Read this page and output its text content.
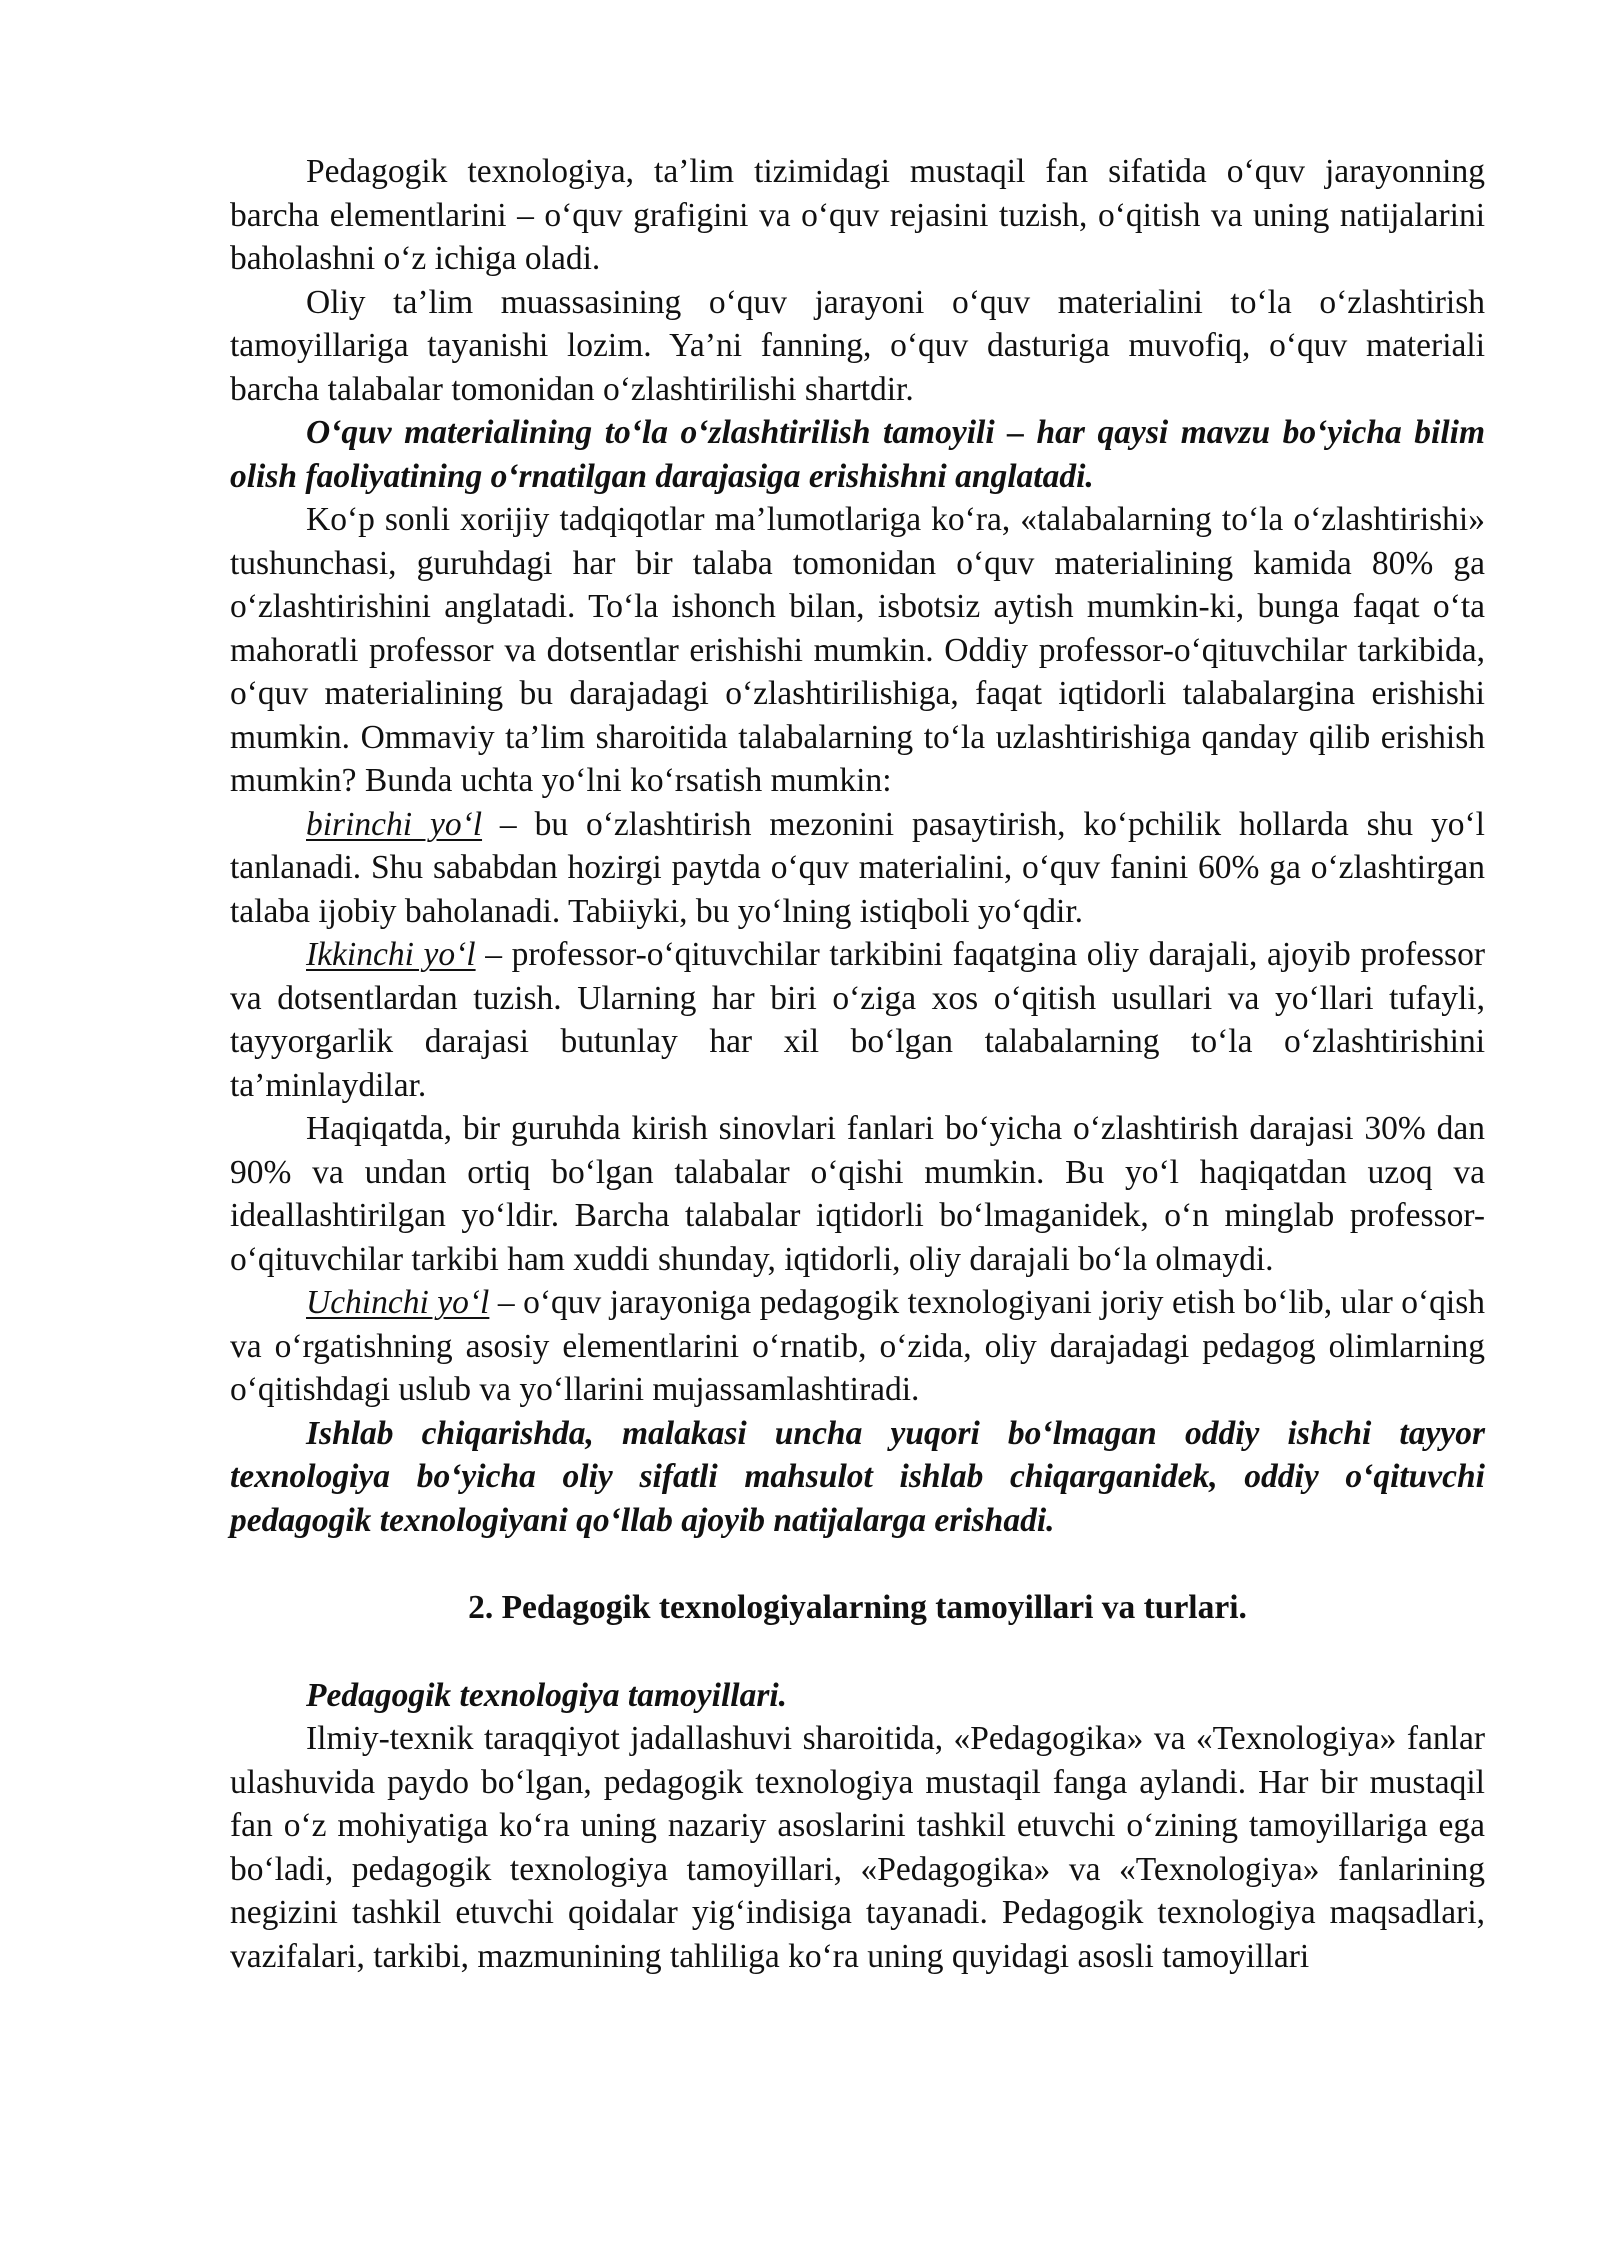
Pedagogik texnologiya, ta’lim tizimidagi mustaqil fan sifatida o‘quv jarayonning barcha elementlarini – o‘quv grafigini va o‘quv rejasini tuzish, o‘qitish va uning natijalarini baholashni o‘z ichiga oladi.

Oliy ta’lim muassasining o‘quv jarayoni o‘quv materialini to‘la o‘zlashtirish tamoyillariga tayanishi lozim. Ya’ni fanning, o‘quv dasturiga muvofiq, o‘quv materiali barcha talabalar tomonidan o‘zlashtirilishi shartdir.

O‘quv materialining to‘la o‘zlashtirilish tamoyili – har qaysi mavzu bo‘yicha bilim olish faoliyatining o‘rnatilgan darajasiga erishishni anglatadi.

Ko‘p sonli xorijiy tadqiqotlar ma’lumotlariga ko‘ra, «talabalarning to‘la o‘zlashtirishi» tushunchasi, guruhdagi har bir talaba tomonidan o‘quv materialining kamida 80% ga o‘zlashtirishini anglatadi. To‘la ishonch bilan, isbotsiz aytish mumkin-ki, bunga faqat o‘ta mahoratli professor va dotsentlar erishishi mumkin. Oddiy professor-o‘qituvchilar tarkibida, o‘quv materialining bu darajadagi o‘zlashtirilishiga, faqat iqtidorli talabalargina erishishi mumkin. Ommaviy ta’lim sharoitida talabalarning to‘la uzlashtirishiga qanday qilib erishish mumkin? Bunda uchta yo‘lni ko‘rsatish mumkin:

birinchi yo‘l – bu o‘zlashtirish mezonini pasaytirish, ko‘pchilik hollarda shu yo‘l tanlanadi. Shu sababdan hozirgi paytda o‘quv materialini, o‘quv fanini 60% ga o‘zlashtirgan talaba ijobiy baholanadi. Tabiiyki, bu yo‘lning istiqboli yo‘qdir.

Ikkinchi yo‘l – professor-o‘qituvchilar tarkibini faqatgina oliy darajali, ajoyib professor va dotsentlardan tuzish. Ularning har biri o‘ziga xos o‘qitish usullari va yo‘llari tufayli, tayyorgarlik darajasi butunlay har xil bo‘lgan talabalarning to‘la o‘zlashtirishini ta’minlaydilar.

Haqiqatda, bir guruhda kirish sinovlari fanlari bo‘yicha o‘zlashtirish darajasi 30% dan 90% va undan ortiq bo‘lgan talabalar o‘qishi mumkin. Bu yo‘l haqiqatdan uzoq va ideallashtirilgan yo‘ldir. Barcha talabalar iqtidorli bo‘lmaganidek, o‘n minglab professor-o‘qituvchilar tarkibi ham xuddi shunday, iqtidorli, oliy darajali bo‘la olmaydi.

Uchinchi yo‘l – o‘quv jarayoniga pedagogik texnologiyani joriy etish bo‘lib, ular o‘qish va o‘rgatishning asosiy elementlarini o‘rnatib, o‘zida, oliy darajadagi pedagog olimlarning o‘qitishdagi uslub va yo‘llarini mujassamlashtiradi.

Ishlab chiqarishda, malakasi uncha yuqori bo‘lmagan oddiy ishchi tayyor texnologiya bo‘yicha oliy sifatli mahsulot ishlab chiqarganidek, oddiy o‘qituvchi pedagogik texnologiyani qo‘llab ajoyib natijalarga erishadi.

2. Pedagogik texnologiyalarning tamoyillari va turlari.

Pedagogik texnologiya tamoyillari.

Ilmiy-texnik taraqqiyot jadallashuvi sharoitida, «Pedagogika» va «Texnologiya» fanlar ulashuvida paydo bo‘lgan, pedagogik texnologiya mustaqil fanga aylandi. Har bir mustaqil fan o‘z mohiyatiga ko‘ra uning nazariy asoslarini tashkil etuvchi o‘zining tamoyillariga ega bo‘ladi, pedagogik texnologiya tamoyillari, «Pedagogika» va «Texnologiya» fanlarining negizini tashkil etuvchi qoidalar yig‘indisiga tayanadi. Pedagogik texnologiya maqsadlari, vazifalari, tarkibi, mazmunining tahliliga ko‘ra uning quyidagi asosli tamoyillari
